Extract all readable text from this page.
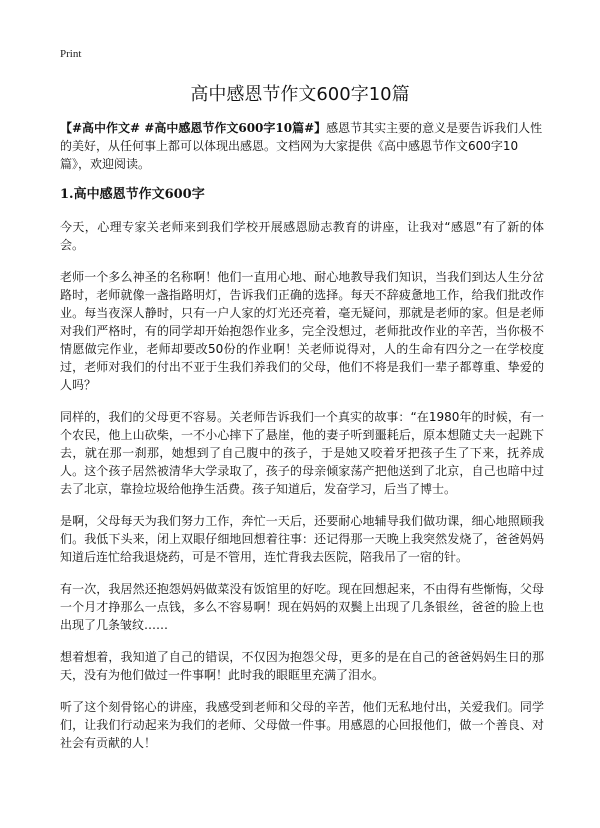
Print
高中感恩节作文600字10篇

【#高中作文# #高中感恩节作文600字10篇#】感恩节其实主要的意义是要告诉我们人性的美好，从任何事上都可以体现出感恩。文档网为大家提供《高中感恩节作文600字10篇》，欢迎阅读。

1.高中感恩节作文600字

今天，心理专家关老师来到我们学校开展感恩励志教育的讲座，让我对“感恩”有了新的体会。

老师一个多么神圣的名称啊！他们一直用心地、耐心地教导我们知识，当我们到达人生分岔路时，老师就像一盏指路明灯，告诉我们正确的选择。每天不辞疲惫地工作，给我们批改作业。每当夜深人静时，只有一户人家的灯光还亮着，毫无疑问，那就是老师的家。但是老师对我们严格时，有的同学却开始抱怨作业多，完全没想过，老师批改作业的辛苦，当你极不情愿做完作业，老师却要改50份的作业啊！关老师说得对，人的生命有四分之一在学校度过，老师对我们的付出不亚于生我们养我们的父母，他们不将是我们一辈子都尊重、挚爱的人吗？

同样的，我们的父母更不容易。关老师告诉我们一个真实的故事：“在1980年的时候，有一个农民，他上山砍柴，一不小心摔下了悬崖，他的妻子听到噩耗后，原本想随丈夫一起跳下去，就在那一刹那，她想到了自己腹中的孩子，于是她又咬着牙把孩子生了下来，抚养成人。这个孩子居然被清华大学录取了，孩子的母亲倾家荡产把他送到了北京，自己也暗中过去了北京，靠捡垃圾给他挣生活费。孩子知道后，发奋学习，后当了博士。

是啊，父母每天为我们努力工作，奔忙一天后，还要耐心地辅导我们做功课，细心地照顾我们。我低下头来，闭上双眼仔细地回想着往事：还记得那一天晚上我突然发烧了，爸爸妈妈知道后连忙给我退烧药，可是不管用，连忙背我去医院，陪我吊了一宿的针。

有一次，我居然还抱怨妈妈做菜没有饭馆里的好吃。现在回想起来，不由得有些惭悔，父母一个月才挣那么一点钱，多么不容易啊！现在妈妈的双鬓上出现了几条银丝，爸爸的脸上也出现了几条皱纹……

想着想着，我知道了自己的错误，不仅因为抱怨父母，更多的是在自己的爸爸妈妈生日的那天，没有为他们做过一件事啊！此时我的眼眶里充满了泪水。

听了这个刻骨铭心的讲座，我感受到老师和父母的辛苦，他们无私地付出，关爱我们。同学们，让我们行动起来为我们的老师、父母做一件事。用感恩的心回报他们，做一个善良、对社会有贡献的人！
